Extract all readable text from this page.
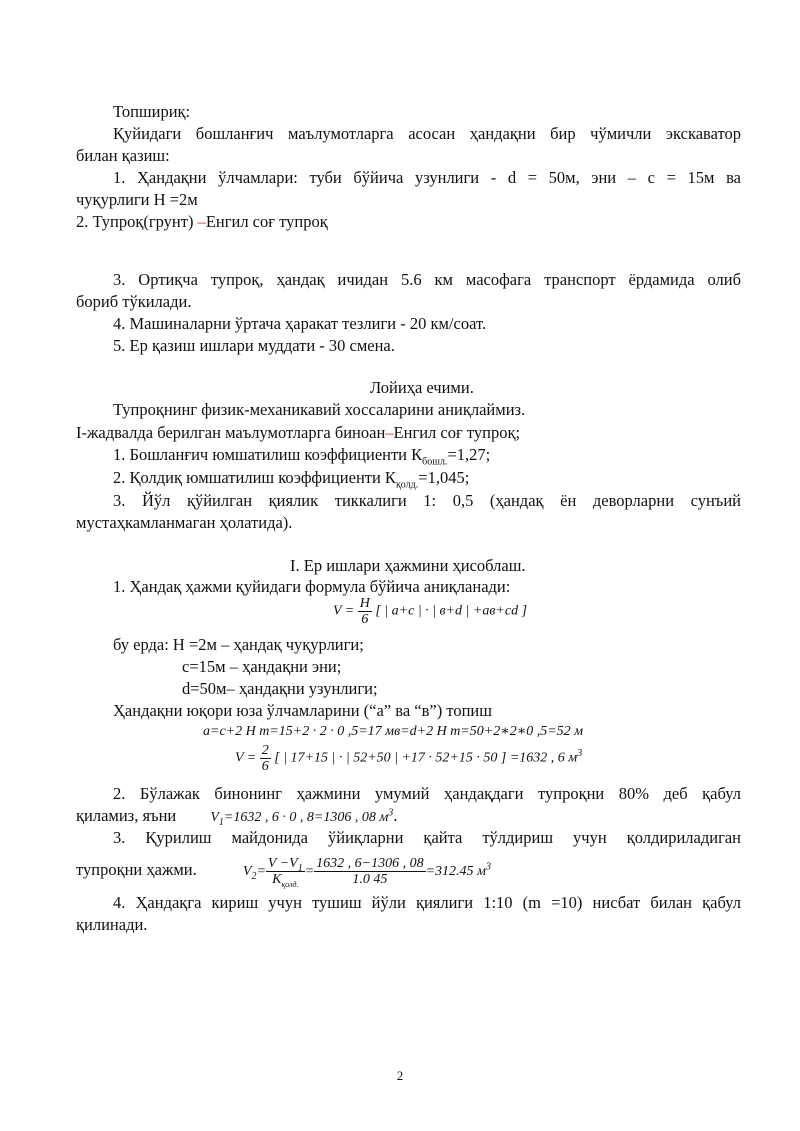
Топшириқ:
Қуйидаги бошланғич маълумотларга асосан ҳандақни бир чўмичли экскаватор
билан қазиш:
1. Ҳандақни ўлчамлари: туби бўйича узунлиги - d = 50м, эни – c = 15м ва
чуқурлиги H =2м
2. Тупроқ(грунт) –Енгил соғ тупроқ
3. Ортиқча тупроқ, ҳандақ ичидан 5.6 км масофага транспорт ёрдамида олиб
бориб тўкилади.
4. Машиналарни ўртача ҳаракат тезлиги - 20 км/соат.
5. Ер қазиш ишлари муддати - 30 смена.
Лойиҳа ечими.
Тупроқнинг физик-механикавий хоссаларини аниқлаймиз.
I-жадвалда берилган маълумотларга биноан–Енгил соғ тупроқ;
1. Бошланғич юмшатилиш коэффициенти $К_{бошл.}=1,27$;
2. Қолдиқ юмшатилиш коэффициенти $К_{қолд.}=1,045$;
3. Йўл қўйилган қиялик тиккалиги 1: 0,5 (ҳандақ ён деворларни сунъий
мустаҳкамланмаган ҳолатида).
I. Ер ишлари ҳажмини ҳисоблаш.
1. Ҳандақ ҳажми қуйидаги формула бўйича аниқланади:
$V = \frac{H}{6}$ [ | a+c | · | в+d | +ав+cd ]
бу ерда: H =2м – ҳандақ чуқурлиги;
c=15м – ҳандақни эни;
d=50м– ҳандақни узунлиги;
Ҳандақни юқори юза ўлчамларини (“а” ва “в”) топиш
a=c+2 H m=15+2 · 2 · 0 ,5=17 мв=d+2 H m=50+2∗2∗0 ,5=52 м
$V = \frac{2}{6}$ [ | 17+15 | · | 52+50 | +17 · 52+15 · 50 ] =1632 , 6 $м^3$
2. Бўлажак бинонинг ҳажмини умумий ҳандақдаги тупроқни 80% деб қабул
қиламиз, яъни $V_1=1632$ , 6 · 0 , 8=1306 , 08 $м^3$.
3. Қурилиш майдонида ўйиқларни қайта тўлдириш учун қолдириладиган
тупроқни ҳажми.	$V_2= \frac{V -V_1}{K_{қолд.}} = \frac{1632 , 6-1306 , 08}{1.0 45} =312.45$ $м^3$
4. Ҳандақга кириш учун тушиш йўли қиялиги 1:10 (m =10) нисбат билан қабул
қилинади.
2
